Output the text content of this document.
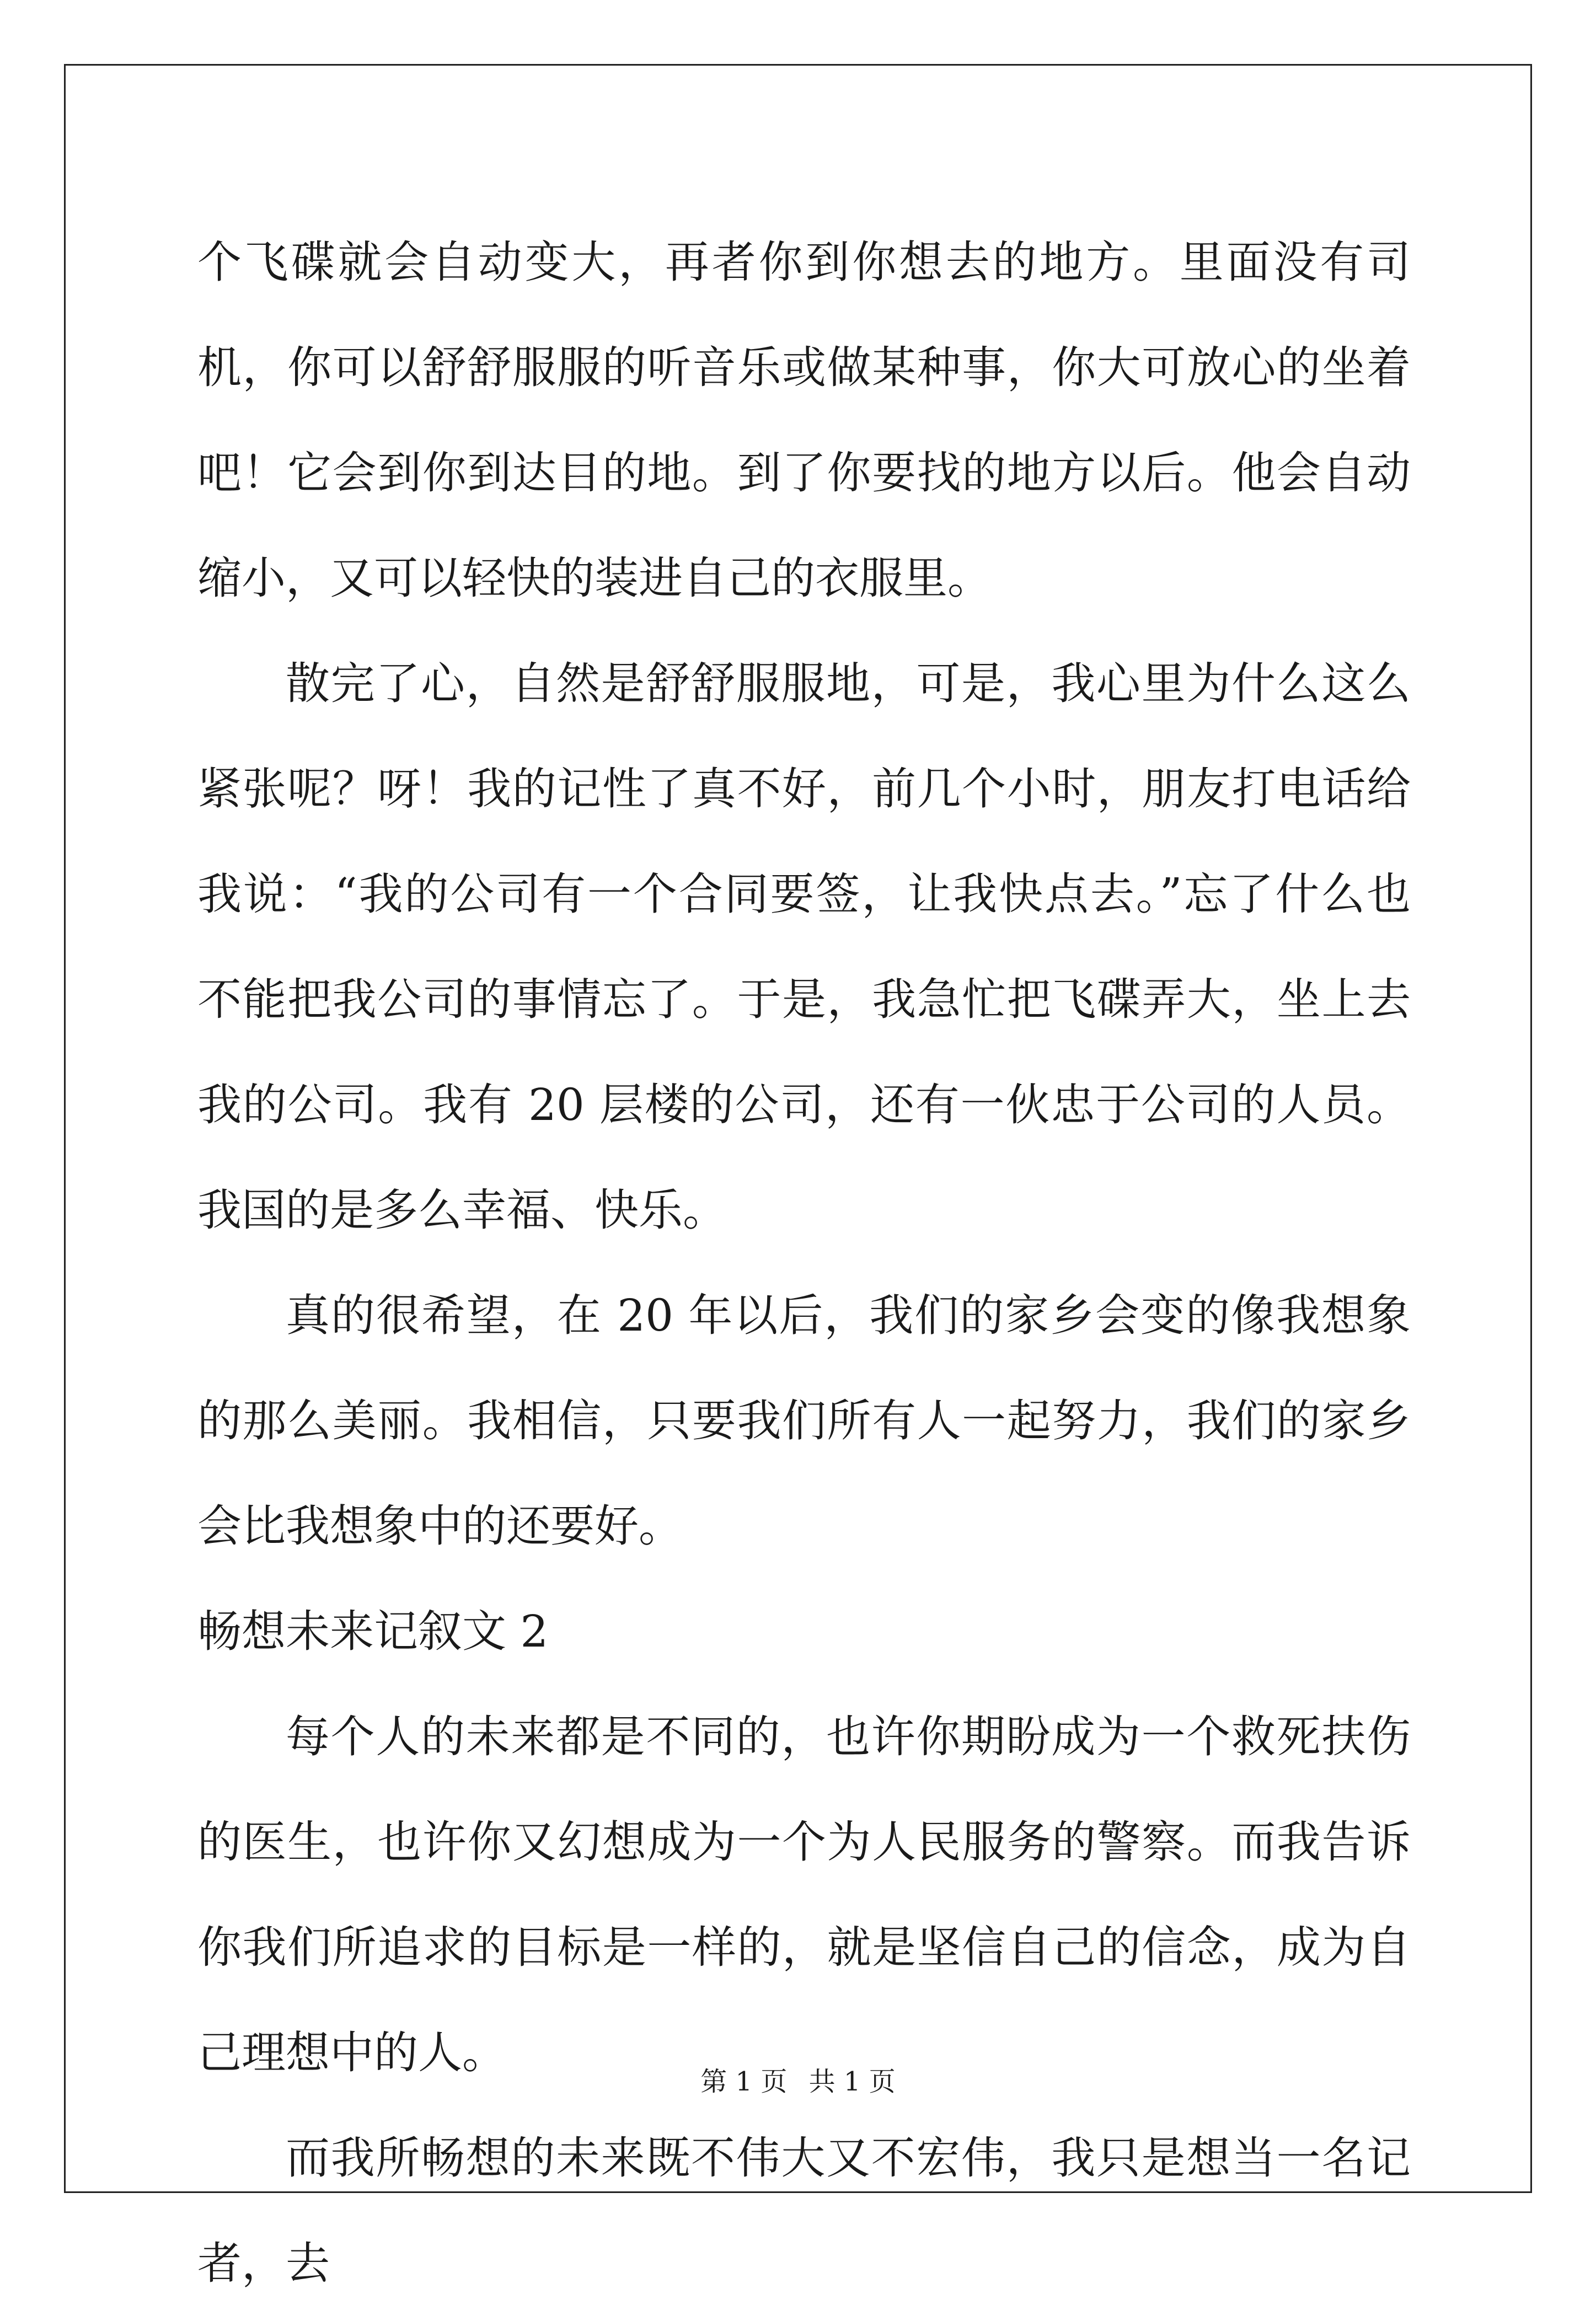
个飞碟就会自动变大，再者你到你想去的地方。里面没有司机，你可以舒舒服服的听音乐或做某种事，你大可放心的坐着吧！它会到你到达目的地。到了你要找的地方以后。他会自动缩小，又可以轻快的装进自己的衣服里。

散完了心，自然是舒舒服服地，可是，我心里为什么这么紧张呢？呀！我的记性了真不好，前几个小时，朋友打电话给我说：“我的公司有一个合同要签，让我快点去。”忘了什么也不能把我公司的事情忘了。于是，我急忙把飞碟弄大，坐上去我的公司。我有 20 层楼的公司，还有一伙忠于公司的人员。我国的是多么幸福、快乐。

真的很希望，在 20 年以后，我们的家乡会变的像我想象的那么美丽。我相信，只要我们所有人一起努力，我们的家乡会比我想象中的还要好。

畅想未来记叙文 2

每个人的未来都是不同的，也许你期盼成为一个救死扶伤的医生，也许你又幻想成为一个为人民服务的警察。而我告诉你我们所追求的目标是一样的，就是坚信自己的信念，成为自己理想中的人。

而我所畅想的未来既不伟大又不宏伟，我只是想当一名记者，去

第 1 页 共 1 页
